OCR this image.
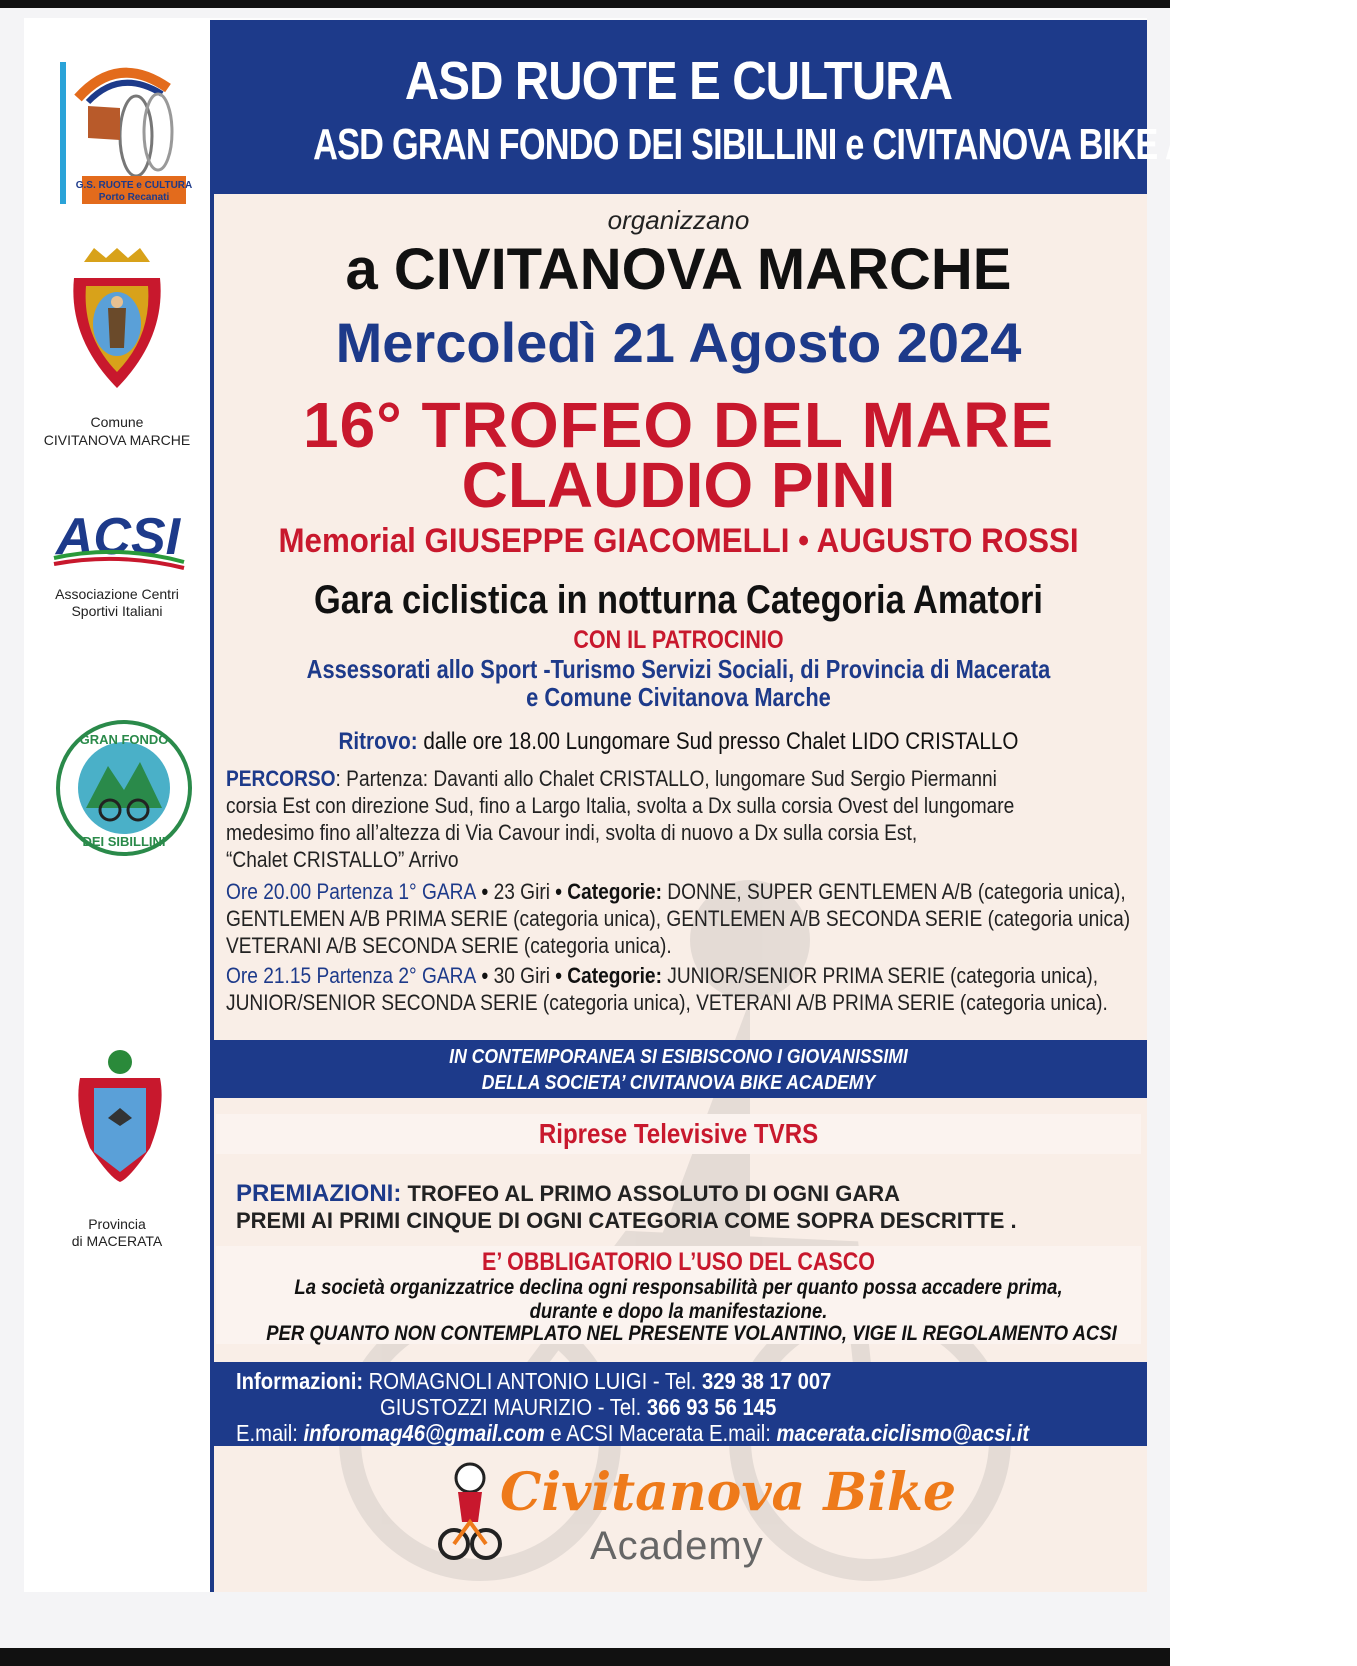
G.S. RUOTE e CULTURA
Porto Recanati
Comune
CIVITANOVA MARCHE
ACSI
Associazione Centri
Sportivi Italiani
GRAN FONDO
DEI SIBILLINI
Provincia
di MACERATA
ASD RUOTE E CULTURA
ASD GRAN FONDO DEI SIBILLINI e CIVITANOVA BIKE ACCADEMY
organizzano
a CIVITANOVA MARCHE
Mercoledì 21 Agosto 2024
16° TROFEO DEL MARE
CLAUDIO PINI
Memorial GIUSEPPE GIACOMELLI • AUGUSTO ROSSI
Gara ciclistica in notturna Categoria Amatori
CON IL PATROCINIO
Assessorati allo Sport -Turismo Servizi Sociali, di Provincia di Macerata
e Comune Civitanova Marche
Ritrovo: dalle ore 18.00 Lungomare Sud presso Chalet LIDO CRISTALLO

PERCORSO: Partenza: Davanti allo Chalet CRISTALLO, lungomare Sud Sergio Piermanni

corsia Est con direzione Sud, fino a Largo Italia, svolta a Dx sulla corsia Ovest del lungomare

medesimo fino all’altezza di Via Cavour indi, svolta di nuovo a Dx sulla corsia Est,

“Chalet CRISTALLO” Arrivo

Ore 20.00 Partenza 1° GARA • 23 Giri • Categorie: DONNE, SUPER GENTLEMEN A/B (categoria unica),

GENTLEMEN A/B PRIMA SERIE (categoria unica), GENTLEMEN A/B SECONDA SERIE (categoria unica)

VETERANI A/B SECONDA SERIE (categoria unica).

Ore 21.15 Partenza 2° GARA • 30 Giri • Categorie: JUNIOR/SENIOR PRIMA SERIE (categoria unica),

JUNIOR/SENIOR SECONDA SERIE (categoria unica), VETERANI A/B PRIMA SERIE (categoria unica).

IN CONTEMPORANEA SI ESIBISCONO I GIOVANISSIMI
DELLA SOCIETA’ CIVITANOVA BIKE ACADEMY
Riprese Televisive TVRS
PREMIAZIONI: TROFEO AL PRIMO ASSOLUTO DI OGNI GARA
PREMI AI PRIMI CINQUE DI OGNI CATEGORIA COME SOPRA DESCRITTE .
E’ OBBLIGATORIO L’USO DEL CASCO
La società organizzatrice declina ogni responsabilità per quanto possa accadere prima,
durante e dopo la manifestazione.
PER QUANTO NON CONTEMPLATO NEL PRESENTE VOLANTINO, VIGE IL REGOLAMENTO ACSI
Informazioni: ROMAGNOLI ANTONIO LUIGI - Tel. 329 38 17 007
GIUSTOZZI MAURIZIO - Tel. 366 93 56 145
E.mail: inforomag46@gmail.com e ACSI Macerata E.mail: macerata.ciclismo@acsi.it
Civitanova Bike
Academy
